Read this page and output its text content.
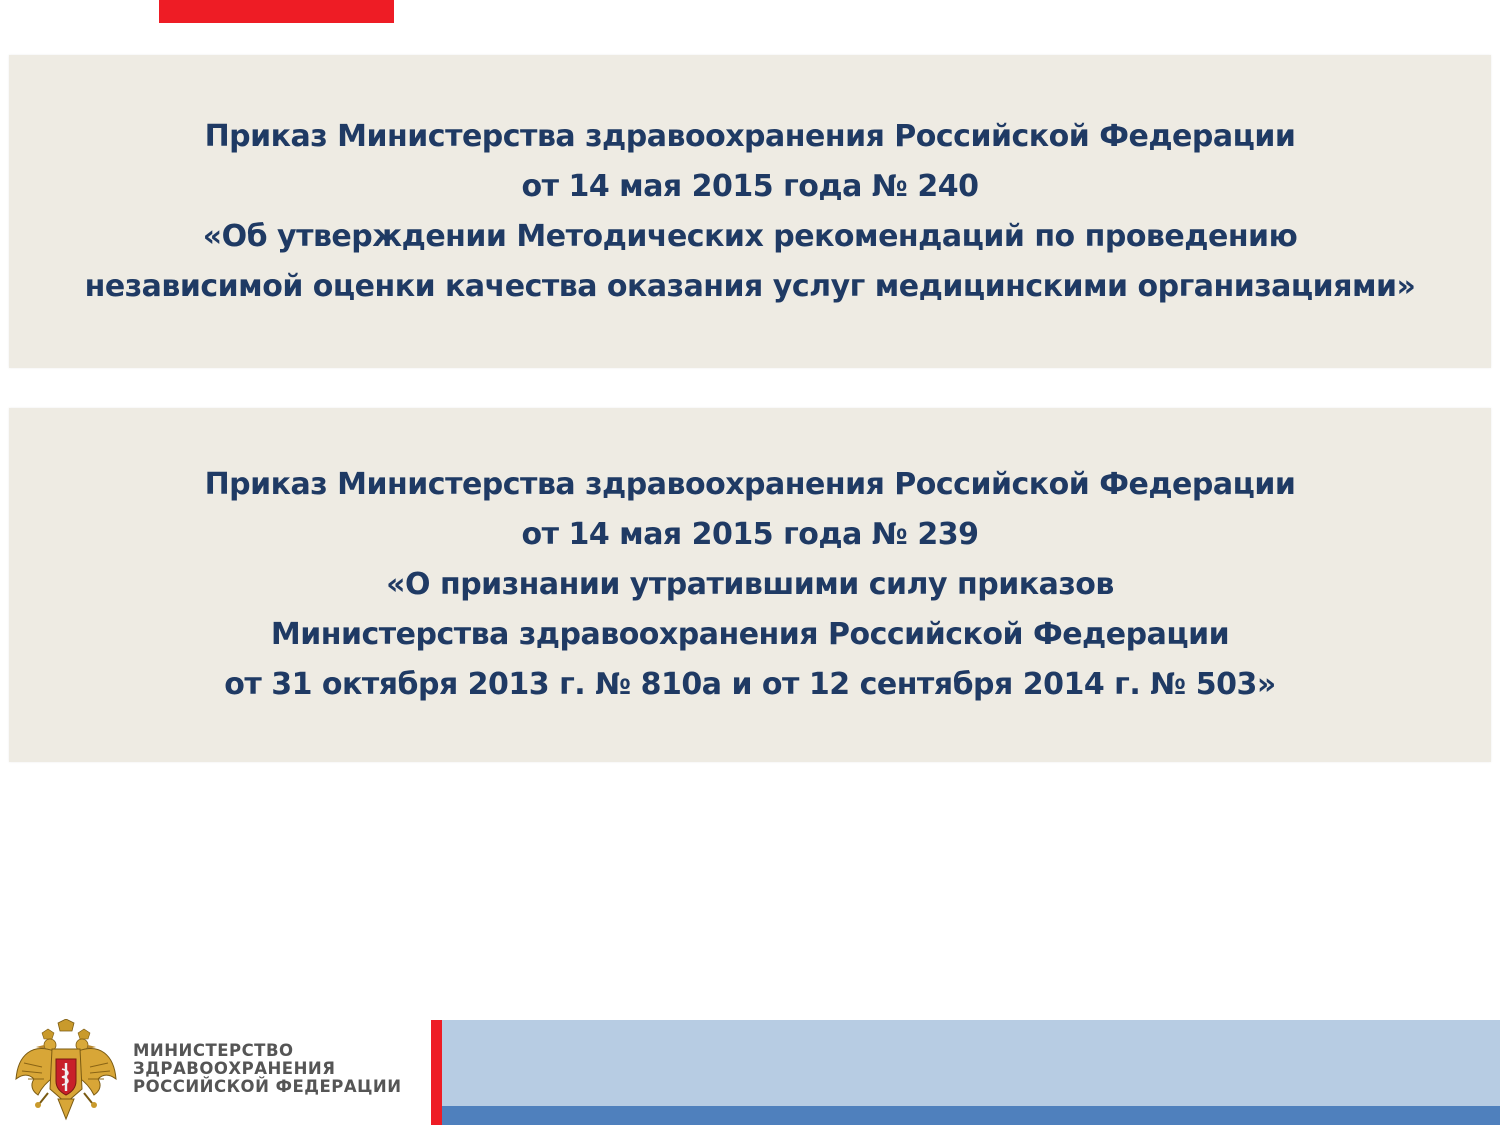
Приказ Министерства здравоохранения Российской Федерации
от 14 мая 2015 года № 240
«Об утверждении Методических рекомендаций по проведению
независимой оценки качества оказания услуг медицинскими организациями»
Приказ Министерства здравоохранения Российской Федерации
от 14 мая 2015 года № 239
«О признании утратившими силу приказов
Министерства здравоохранения Российской Федерации
от 31 октября 2013 г. № 810а и от 12 сентября 2014 г. № 503»
МИНИСТЕРСТВО
ЗДРАВООХРАНЕНИЯ
РОССИЙСКОЙ ФЕДЕРАЦИИ
